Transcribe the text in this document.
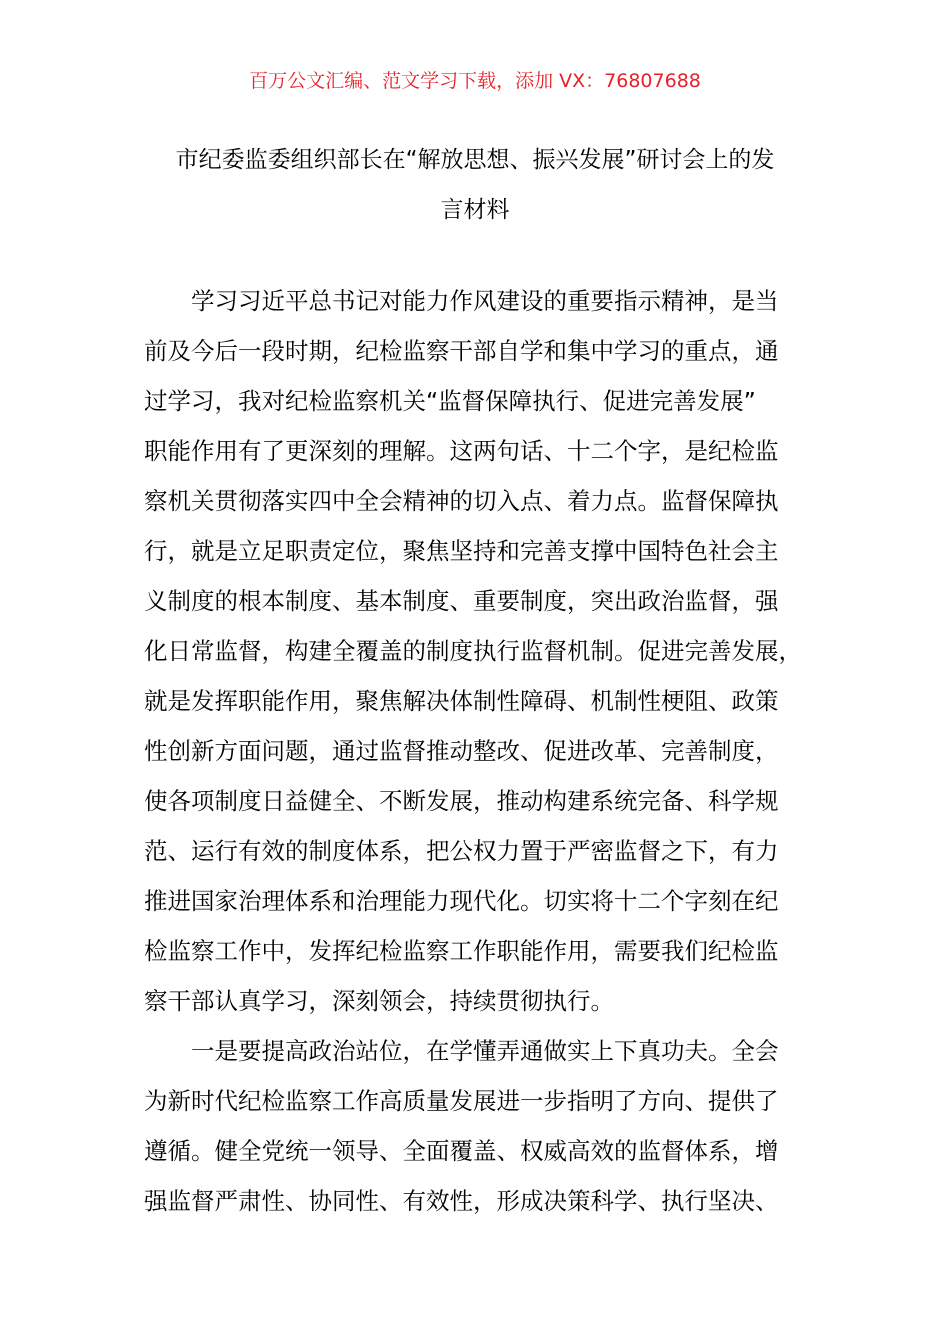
百万公文汇编、范文学习下载，添加 VX：76807688
市纪委监委组织部长在“解放思想、振兴发展”研讨会上的发
言材料
学习习近平总书记对能力作风建设的重要指示精神，是当
前及今后一段时期，纪检监察干部自学和集中学习的重点，通
过学习，我对纪检监察机关“监督保障执行、促进完善发展”
职能作用有了更深刻的理解。这两句话、十二个字，是纪检监
察机关贯彻落实四中全会精神的切入点、着力点。监督保障执
行，就是立足职责定位，聚焦坚持和完善支撑中国特色社会主
义制度的根本制度、基本制度、重要制度，突出政治监督，强
化日常监督，构建全覆盖的制度执行监督机制。促进完善发展，
就是发挥职能作用，聚焦解决体制性障碍、机制性梗阻、政策
性创新方面问题，通过监督推动整改、促进改革、完善制度，
使各项制度日益健全、不断发展，推动构建系统完备、科学规
范、运行有效的制度体系，把公权力置于严密监督之下，有力
推进国家治理体系和治理能力现代化。切实将十二个字刻在纪
检监察工作中，发挥纪检监察工作职能作用，需要我们纪检监
察干部认真学习，深刻领会，持续贯彻执行。
一是要提高政治站位，在学懂弄通做实上下真功夫。全会
为新时代纪检监察工作高质量发展进一步指明了方向、提供了
遵循。健全党统一领导、全面覆盖、权威高效的监督体系，增
强监督严肃性、协同性、有效性，形成决策科学、执行坚决、
